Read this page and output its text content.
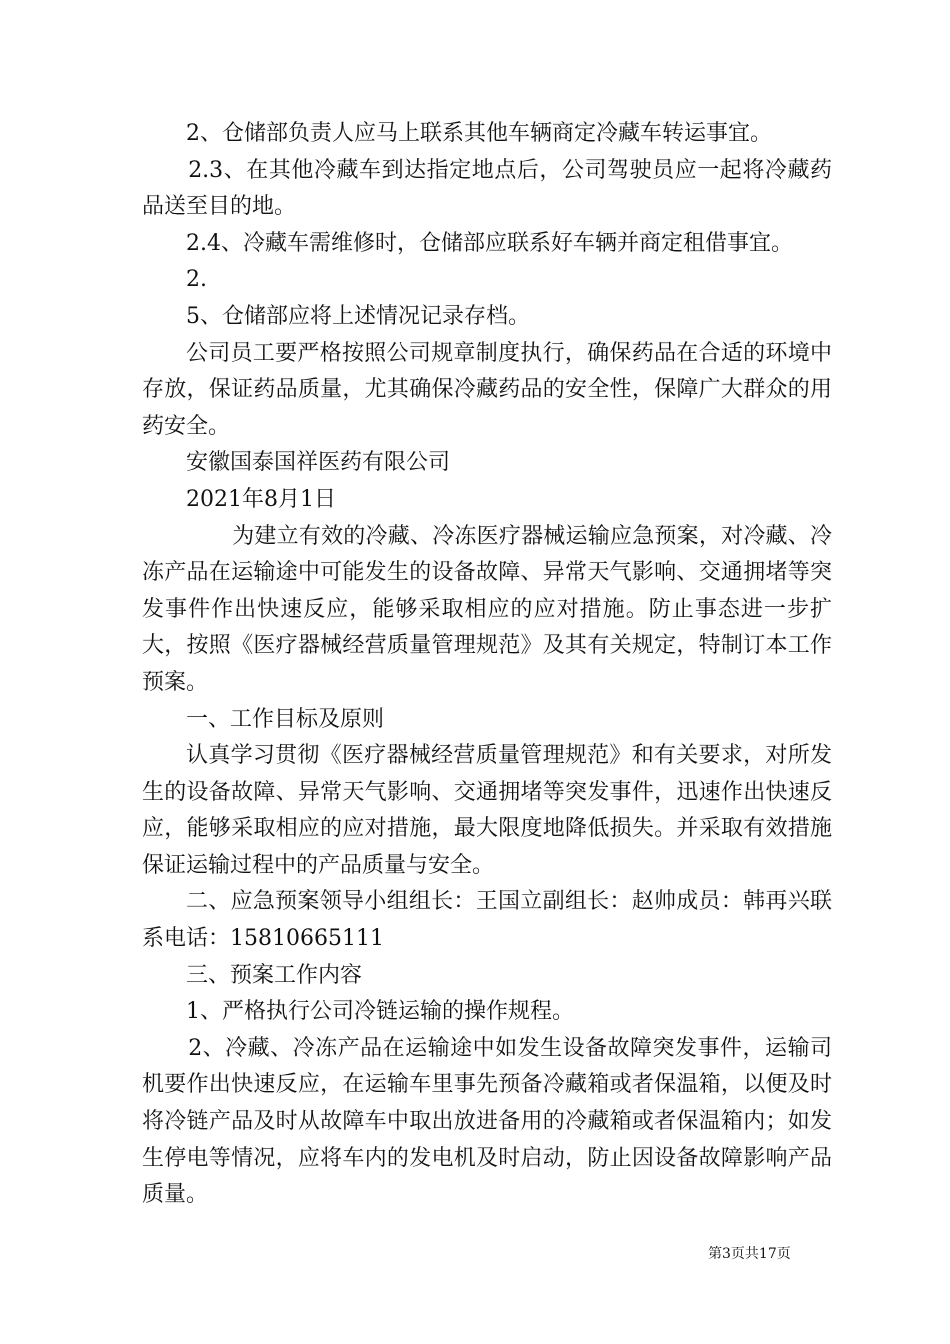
2、仓储部负责人应马上联系其他车辆商定冷藏车转运事宜。

2.3、在其他冷藏车到达指定地点后，公司驾驶员应一起将冷藏药品送至目的地。

2.4、冷藏车需维修时，仓储部应联系好车辆并商定租借事宜。

2.

5、仓储部应将上述情况记录存档。

公司员工要严格按照公司规章制度执行，确保药品在合适的环境中存放，保证药品质量，尤其确保冷藏药品的安全性，保障广大群众的用药安全。

安徽国泰国祥医药有限公司

2021年8月1日

为建立有效的冷藏、冷冻医疗器械运输应急预案，对冷藏、冷冻产品在运输途中可能发生的设备故障、异常天气影响、交通拥堵等突发事件作出快速反应，能够采取相应的应对措施。防止事态进一步扩大，按照《医疗器械经营质量管理规范》及其有关规定，特制订本工作预案。

一、工作目标及原则

认真学习贯彻《医疗器械经营质量管理规范》和有关要求，对所发生的设备故障、异常天气影响、交通拥堵等突发事件，迅速作出快速反应，能够采取相应的应对措施，最大限度地降低损失。并采取有效措施保证运输过程中的产品质量与安全。

二、应急预案领导小组组长：王国立副组长：赵帅成员：韩再兴联系电话：15810665111

三、预案工作内容

1、严格执行公司冷链运输的操作规程。

2、冷藏、冷冻产品在运输途中如发生设备故障突发事件，运输司机要作出快速反应，在运输车里事先预备冷藏箱或者保温箱，以便及时将冷链产品及时从故障车中取出放进备用的冷藏箱或者保温箱内；如发生停电等情况，应将车内的发电机及时启动，防止因设备故障影响产品质量。

第3页共17页
